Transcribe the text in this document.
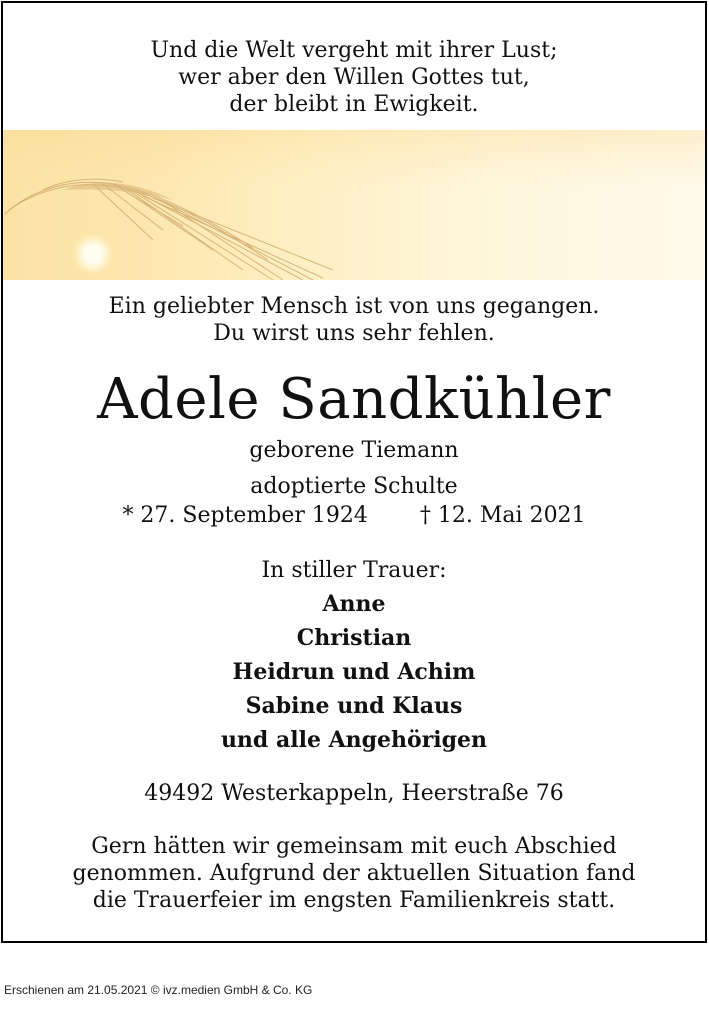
Und die Welt vergeht mit ihrer Lust;
wer aber den Willen Gottes tut,
der bleibt in Ewigkeit.
Ein geliebter Mensch ist von uns gegangen.
Du wirst uns sehr fehlen.
Adele Sandkühler
geborene Tiemann
adoptierte Schulte
* 27. September 1924 † 12. Mai 2021
In stiller Trauer:
Anne
Christian
Heidrun und Achim
Sabine und Klaus
und alle Angehörigen
49492 Westerkappeln, Heerstraße 76
Gern hätten wir gemeinsam mit euch Abschied
genommen. Aufgrund der aktuellen Situation fand
die Trauerfeier im engsten Familienkreis statt.
Erschienen am 21.05.2021 © ivz.medien GmbH & Co. KG
